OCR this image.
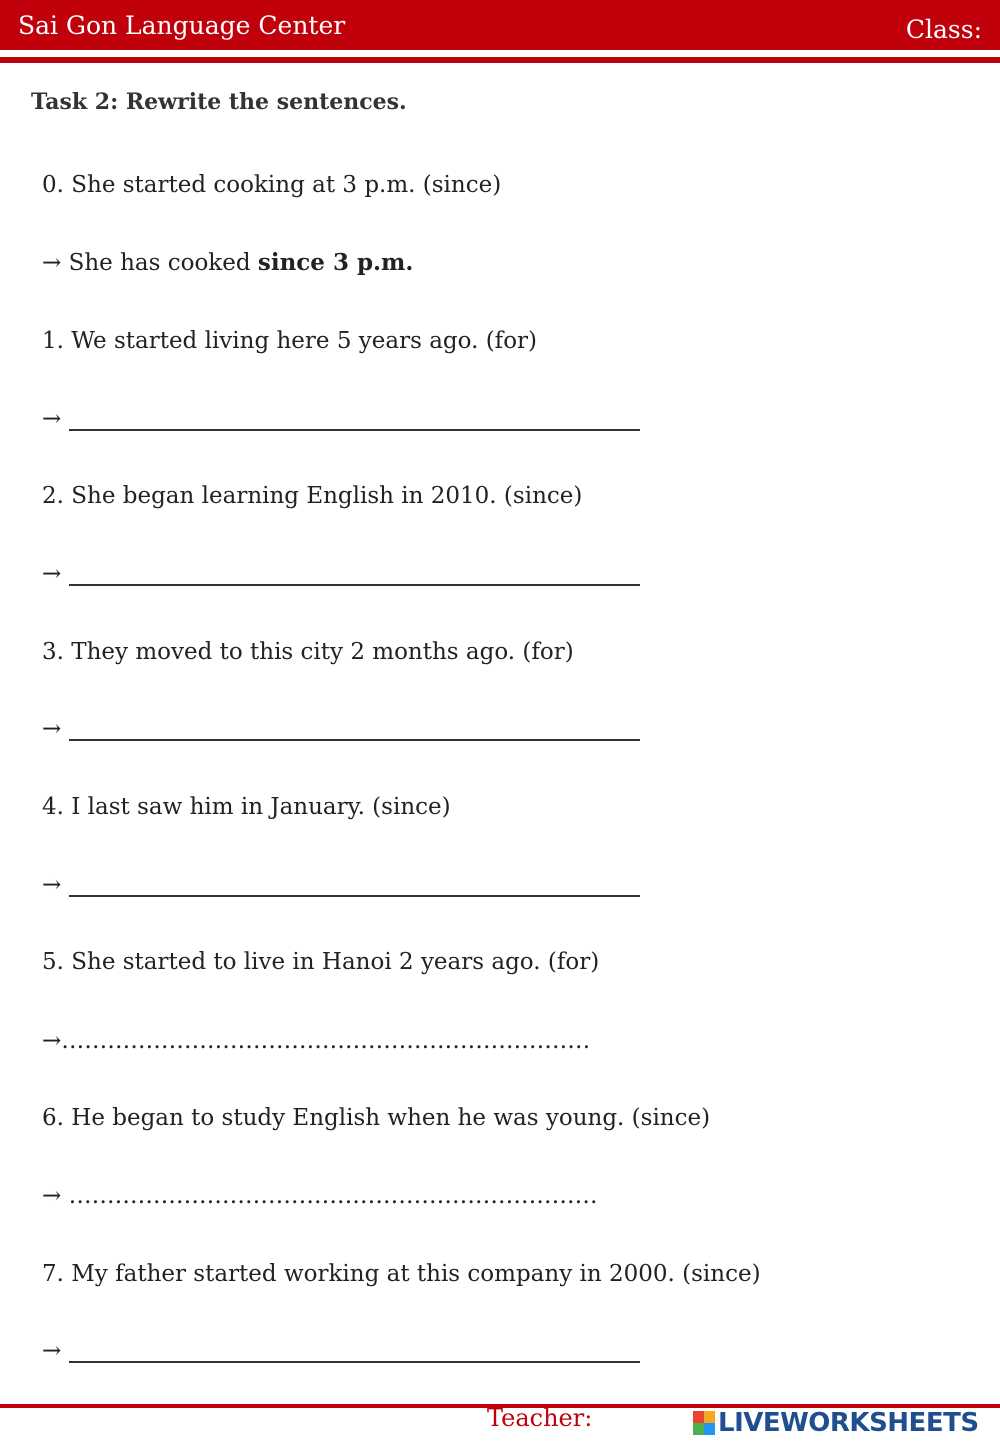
Sai Gon Language Center	Class:
Task 2: Rewrite the sentences.
0. She started cooking at 3 p.m. (since)
→ She has cooked since 3 p.m.
1. We started living here 5 years ago. (for)
→
2. She began learning English in 2010. (since)
→
3. They moved to this city 2 months ago. (for)
→
4. I last saw him in January. (since)
→
5. She started to live in Hanoi 2 years ago. (for)
→……………………………………………………………
6. He began to study English when he was young. (since)
→ ……………………………………………………………
7. My father started working at this company in 2000. (since)
→
Teacher:	LIVEWORKSHEETS
